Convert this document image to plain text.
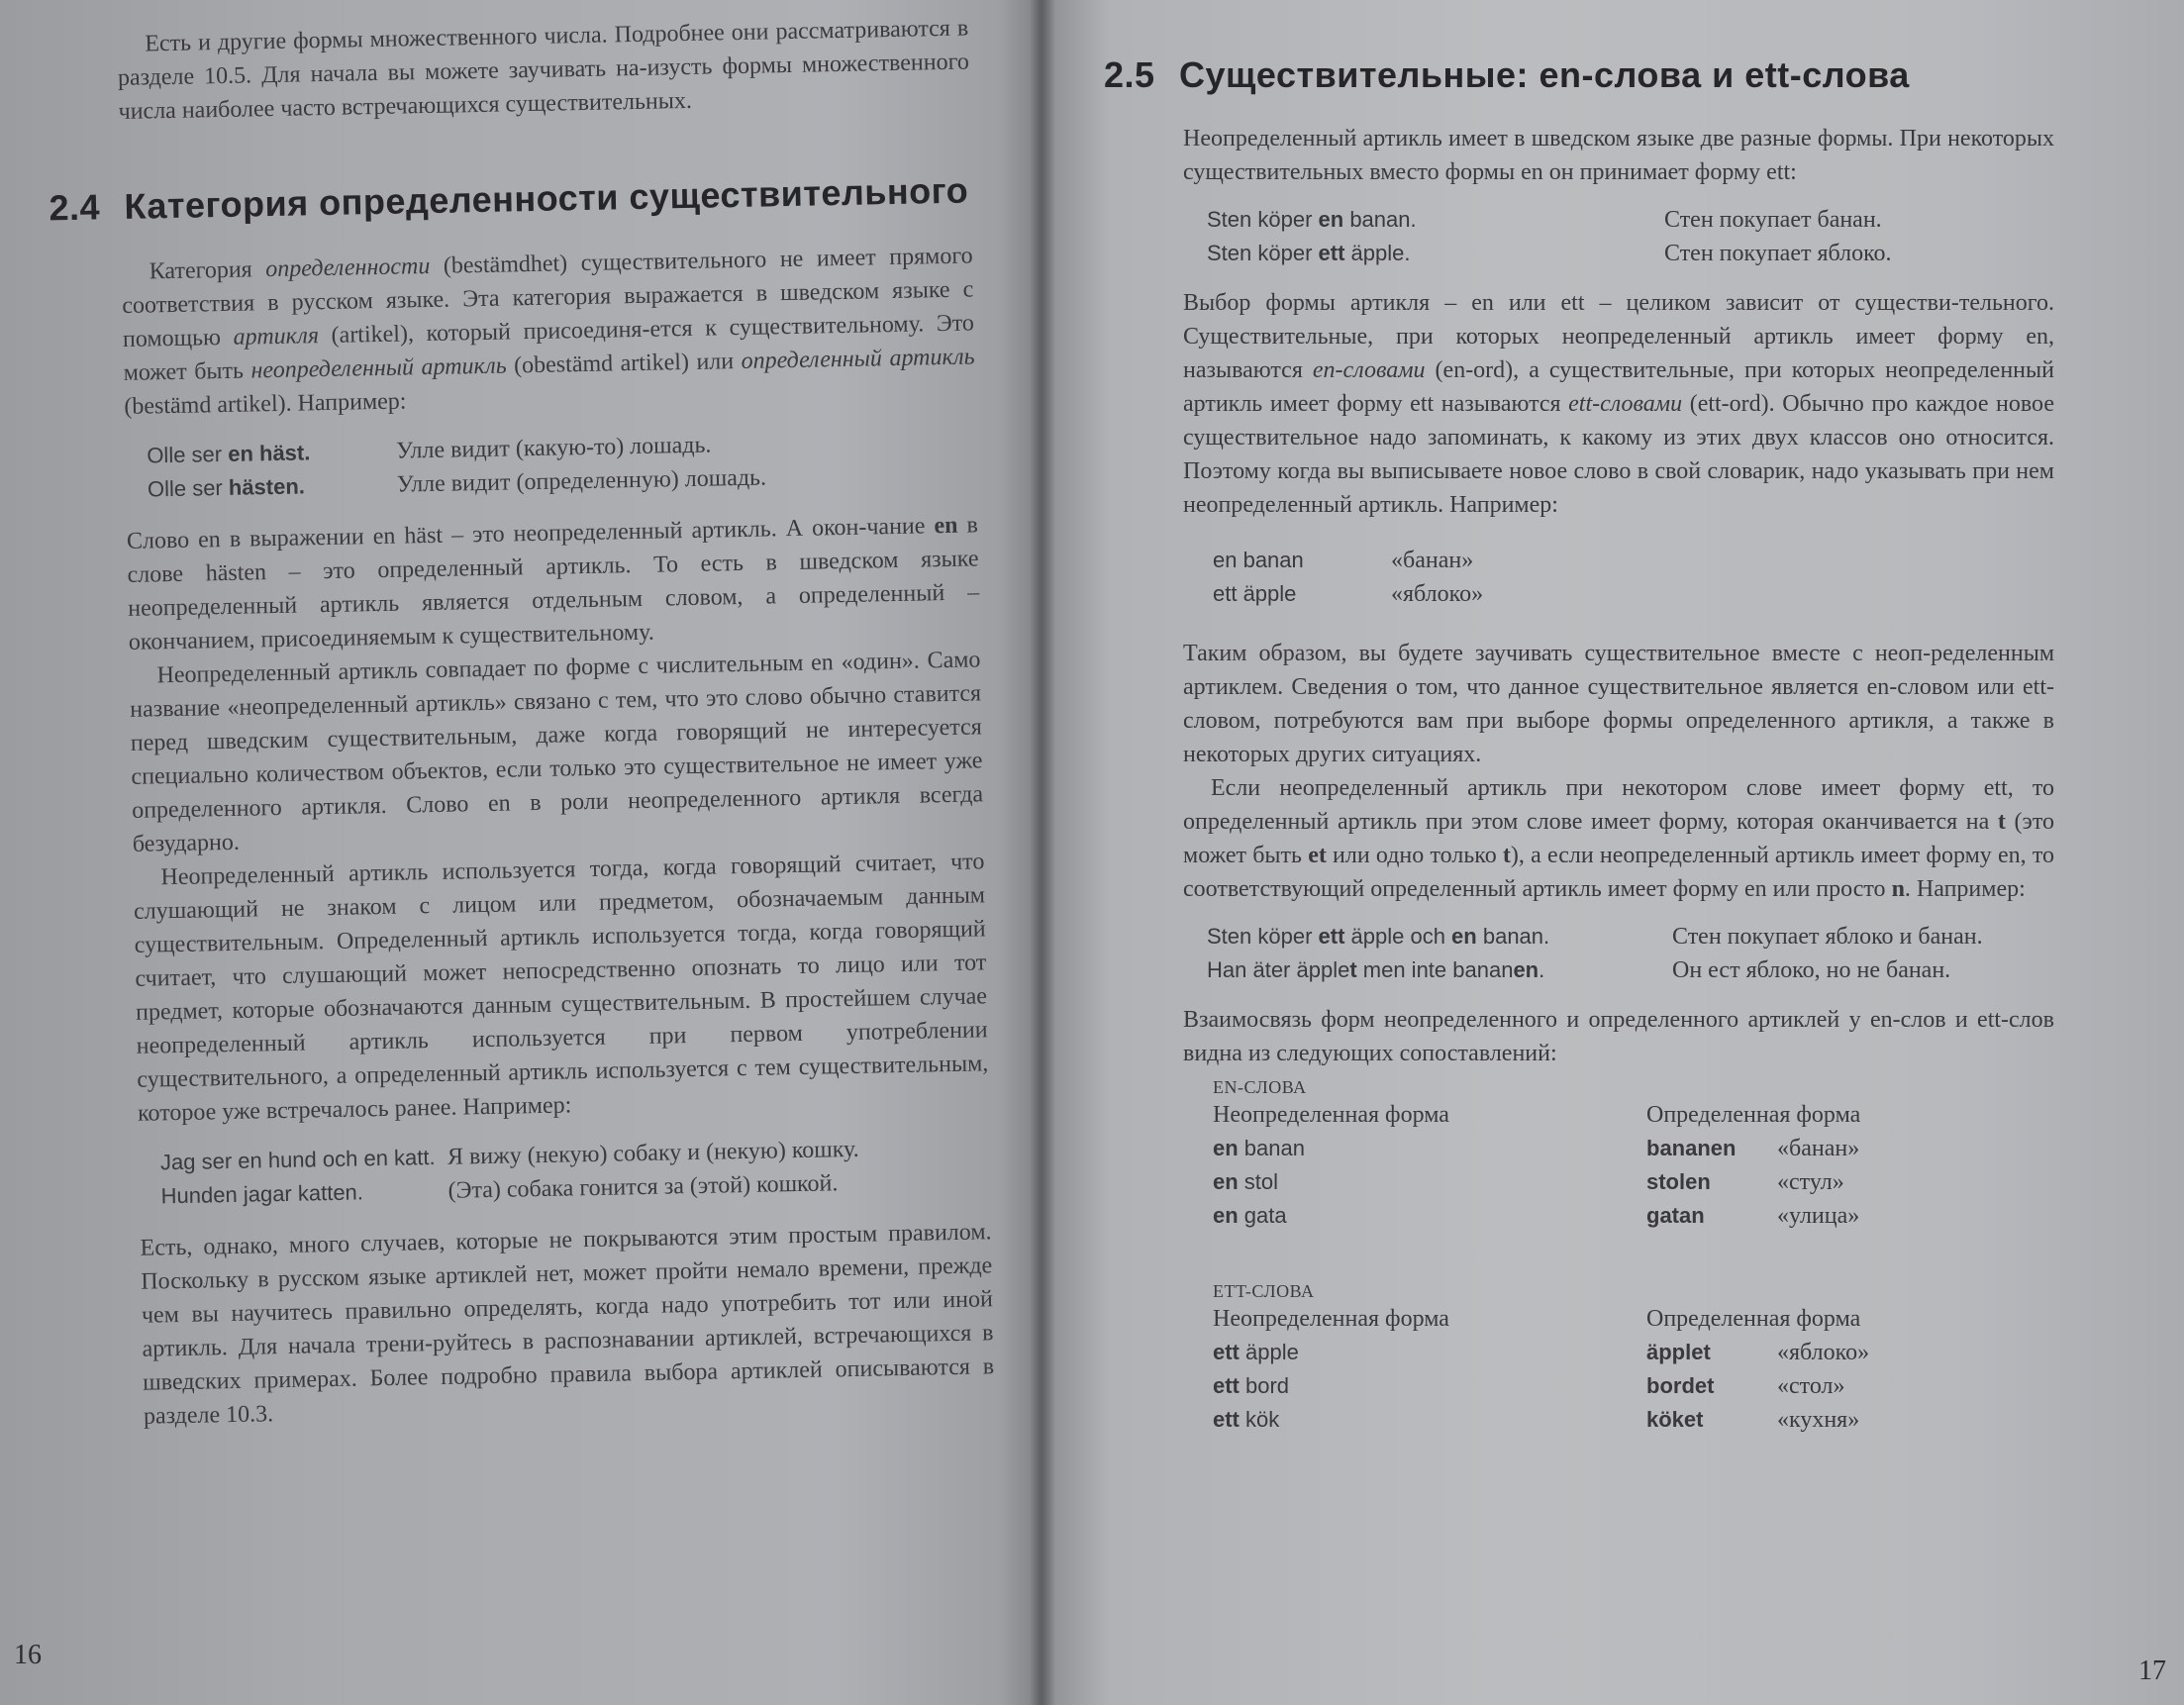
Есть и другие формы множественного числа. Подробнее они рассматриваются в разделе 10.5. Для начала вы можете заучивать на-изусть формы множественного числа наиболее часто встречающихся существительных.

2.4 Категория определенности существительного

Категория определенности (bestämdhet) существительного не имеет прямого соответствия в русском языке. Эта категория выражается в шведском языке с помощью артикля (artikel), который присоединя-ется к существительному. Это может быть неопределенный артикль (obestämd artikel) или определенный артикль (bestämd artikel). Например:

Olle ser en häst.	Улле видит (какую-то) лошадь.
Olle ser hästen.	Улле видит (определенную) лошадь.

Слово en в выражении en häst – это неопределенный артикль. А окон-чание en в слове hästen – это определенный артикль. То есть в шведском языке неопределенный артикль является отдельным словом, а определенный – окончанием, присоединяемым к существительному.

Неопределенный артикль совпадает по форме с числительным en «один». Само название «неопределенный артикль» связано с тем, что это слово обычно ставится перед шведским существительным, даже когда говорящий не интересуется специально количеством объектов, если только это существительное не имеет уже определенного артикля. Слово en в роли неопределенного артикля всегда безударно.

Неопределенный артикль используется тогда, когда говорящий считает, что слушающий не знаком с лицом или предметом, обозначаемым данным существительным. Определенный артикль используется тогда, когда говорящий считает, что слушающий может непосредственно опознать то лицо или тот предмет, которые обозначаются данным существительным. В простейшем случае неопределенный артикль используется при первом употреблении существительного, а определенный артикль используется с тем существительным, которое уже встречалось ранее. Например:

Jag ser en hund och en katt. Я вижу (некую) собаку и (некую) кошку.
Hunden jagar katten.	(Эта) собака гонится за (этой) кошкой.

Есть, однако, много случаев, которые не покрываются этим простым правилом. Поскольку в русском языке артиклей нет, может пройти немало времени, прежде чем вы научитесь правильно определять, когда надо употребить тот или иной артикль. Для начала трени-руйтесь в распознавании артиклей, встречающихся в шведских примерах. Более подробно правила выбора артиклей описываются в разделе 10.3.

16
2.5 Существительные: en-слова и ett-слова

Неопределенный артикль имеет в шведском языке две разные формы. При некоторых существительных вместо формы en он принимает форму ett:

Sten köper en banan.	Стен покупает банан.
Sten köper ett äpple.	Стен покупает яблоко.

Выбор формы артикля – en или ett – целиком зависит от существи-тельного. Существительные, при которых неопределенный артикль имеет форму en, называются en-словами (en-ord), а существительные, при которых неопределенный артикль имеет форму ett называются ett-словами (ett-ord). Обычно про каждое новое существительное надо запоминать, к какому из этих двух классов оно относится. Поэтому когда вы выписываете новое слово в свой словарик, надо указывать при нем неопределенный артикль. Например:

en banan	«банан»
ett äpple	«яблоко»

Таким образом, вы будете заучивать существительное вместе с неоп-ределенным артиклем. Сведения о том, что данное существительное является en-словом или ett-словом, потребуются вам при выборе формы определенного артикля, а также в некоторых других ситуациях.

Если неопределенный артикль при некотором слове имеет форму ett, то определенный артикль при этом слове имеет форму, которая оканчивается на t (это может быть et или одно только t), а если неопределенный артикль имеет форму en, то соответствующий определенный артикль имеет форму en или просто n. Например:

Sten köper ett äpple och en banan.	Стен покупает яблоко и банан.
Han äter äpplet men inte bananen.	Он ест яблоко, но не банан.

Взаимосвязь форм неопределенного и определенного артиклей у en-слов и ett-слов видна из следующих сопоставлений:

EN-СЛОВА
Неопределенная форма	Определенная форма
en banan	bananen	«банан»
en stol	stolen	«стул»
en gata	gatan	«улица»
ETT-СЛОВА
Неопределенная форма	Определенная форма
ett äpple	äpplet	«яблоко»
ett bord	bordet	«стол»
ett kök	köket	«кухня»
17
